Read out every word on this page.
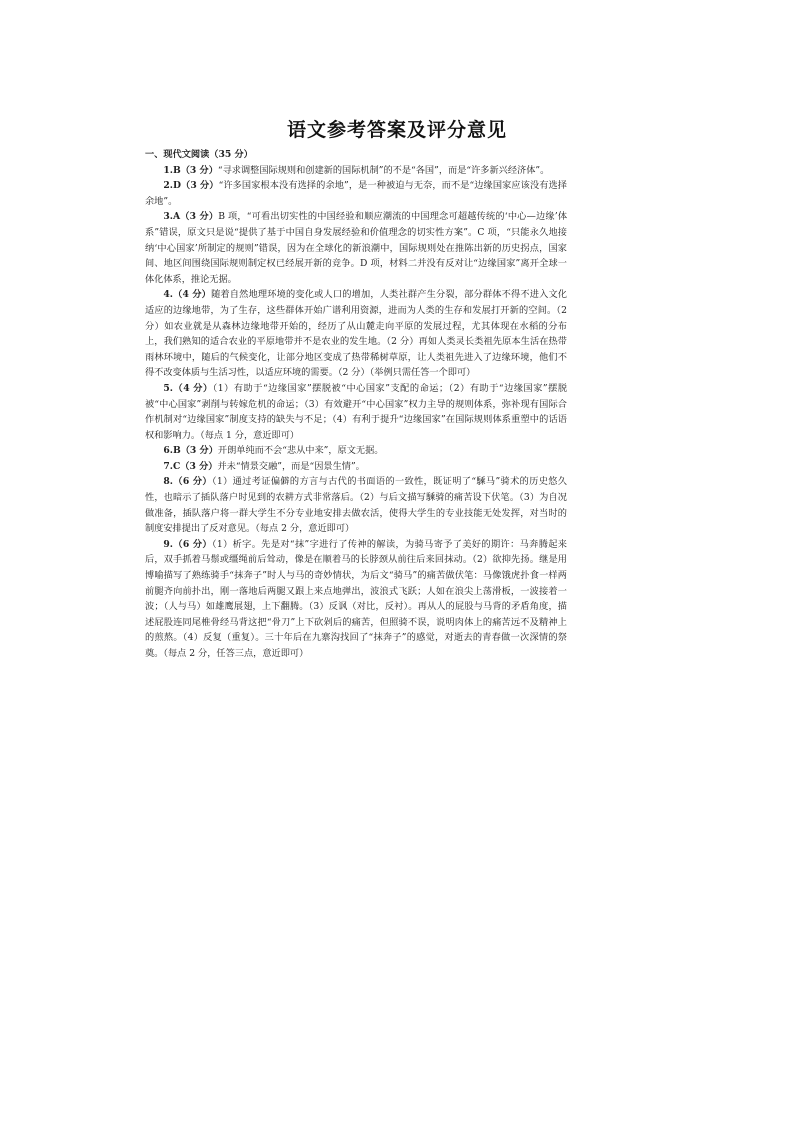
语文参考答案及评分意见

一、现代文阅读（35 分）

1.B（3 分）“寻求调整国际规则和创建新的国际机制”的不是“各国”，而是“许多新兴经济体”。

2.D（3 分）“许多国家根本没有选择的余地”，是一种被迫与无奈，而不是“边缘国家应该没有选择余地”。

3.A（3 分）B 项，“可看出切实性的中国经验和顺应潮流的中国理念可超越传统的‘中心—边缘’体系”错误，原文只是说“提供了基于中国自身发展经验和价值理念的切实性方案”。C 项，“只能永久地接纳‘中心国家’所制定的规则”错误，因为在全球化的新浪潮中，国际规则处在推陈出新的历史拐点，国家间、地区间围绕国际规则制定权已经展开新的竞争。D 项，材料二并没有反对让“边缘国家”离开全球一体化体系，推论无据。

4.（4 分）随着自然地理环境的变化或人口的增加，人类社群产生分裂，部分群体不得不进入文化适应的边缘地带，为了生存，这些群体开始广谱利用资源，进而为人类的生存和发展打开新的空间。（2 分）如农业就是从森林边缘地带开始的，经历了从山麓走向平原的发展过程，尤其体现在水稻的分布上，我们熟知的适合农业的平原地带并不是农业的发生地。（2 分）再如人类灵长类祖先原本生活在热带雨林环境中，随后的气候变化，让部分地区变成了热带稀树草原，让人类祖先进入了边缘环境，他们不得不改变体质与生活习性，以适应环境的需要。（2 分）（举例只需任答一个即可）

5.（4 分）（1）有助于“边缘国家”摆脱被“中心国家”支配的命运；（2）有助于“边缘国家”摆脱被“中心国家”剥削与转嫁危机的命运；（3）有效避开“中心国家”权力主导的规则体系，弥补现有国际合作机制对“边缘国家”制度支持的缺失与不足；（4）有利于提升“边缘国家”在国际规则体系重塑中的话语权和影响力。（每点 1 分，意近即可）

6.B（3 分）开朗单纯而不会“悲从中来”，原文无据。

7.C（3 分）并未“情景交融”，而是“因景生情”。

8.（6 分）（1）通过考证偏僻的方言与古代的书面语的一致性，既证明了“騬马”骑术的历史悠久性，也暗示了插队落户时见到的农耕方式非常落后。（2）与后文描写騬骑的痛苦设下伏笔。（3）为自况做准备，插队落户将一群大学生不分专业地安排去做农活，使得大学生的专业技能无处发挥，对当时的制度安排提出了反对意见。（每点 2 分，意近即可）

9.（6 分）（1）析字。先是对“抹”字进行了传神的解读，为骑马寄予了美好的期许：马奔腾起来后，双手抓着马鬃或缰绳前后耸动，像是在顺着马的长脖颈从前往后来回抹动。（2）欲抑先扬。继是用博喻描写了熟练骑手“抹奔子”时人与马的奇妙情状，为后文“骑马”的痛苦做伏笔：马像饿虎扑食一样两前腿齐向前扑出，刚一落地后两腿又跟上来点地弹出，波浪式飞跃；人如在浪尖上荡滑板，一波接着一波；（人与马）如雄鹰展翅，上下翻腾。（3）反讽（对比，反衬）。再从人的屁股与马背的矛盾角度，描述屁股连同尾椎骨经马背这把“骨刀”上下砍剁后的痛苦，但照骑不误，说明肉体上的痛苦远不及精神上的煎熬。（4）反复（重复）。三十年后在九寨沟找回了“抹奔子”的感觉，对逝去的青春做一次深情的祭奠。（每点 2 分，任答三点，意近即可）
